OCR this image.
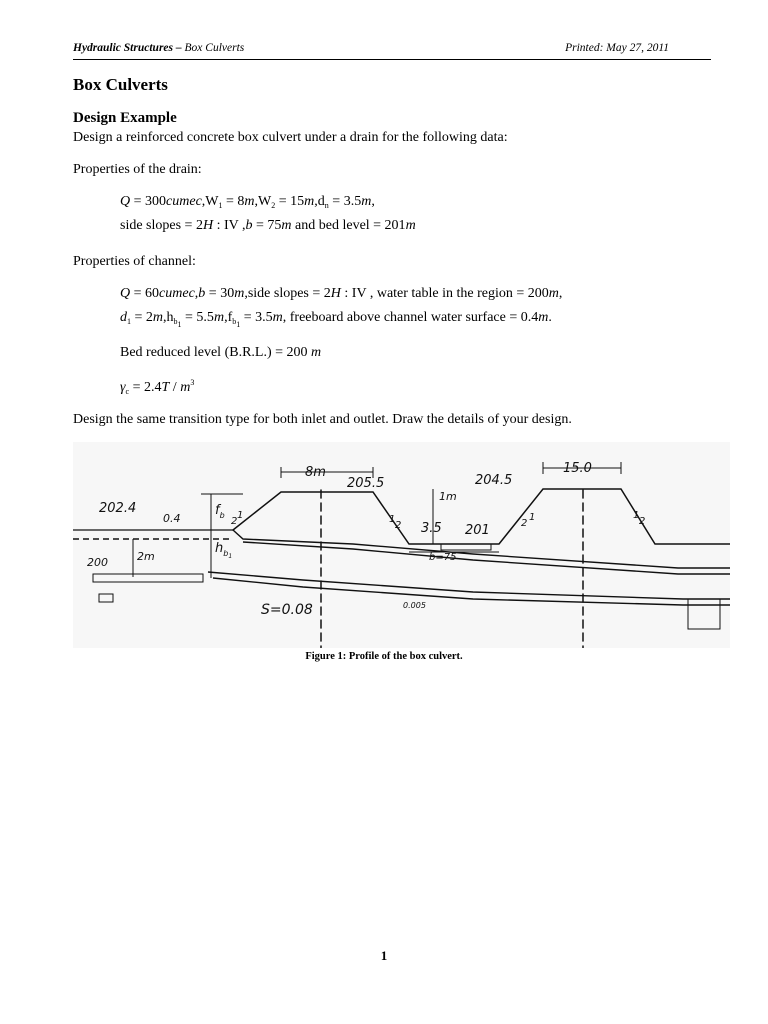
Hydraulic Structures – Box Culverts	Printed: May 27, 2011
Box Culverts
Design Example
Design a reinforced concrete box culvert under a drain for the following data:
Properties of the drain:
$Q = 300cumec,W_1 = 8m,W_2 = 15m,d_n = 3.5m$,
side slopes = 2H : IV ,b = 75m and bed level = 201m
Properties of channel:
Q = 60cumec,b = 30m,side slopes = 2H : IV , water table in the region = 200m,
$d_1 = 2m,h_{b_1} = 5.5m,f_{b_1} = 3.5m$, freeboard above channel water surface = 0.4m.
Bed reduced level (B.R.L.) = 200 m
$\gamma_c = 2.4T / m^3$
Design the same transition type for both inlet and outlet. Draw the details of your design.
8m
205.5	204.5
15.0
202.4
0.4
$f_b$
$h_b1$
2m
200
1m
2
1	1
2
1
2
1
2
3.5 201
b=75
S=0.08	0.005
Figure 1: Profile of the box culvert.
1
